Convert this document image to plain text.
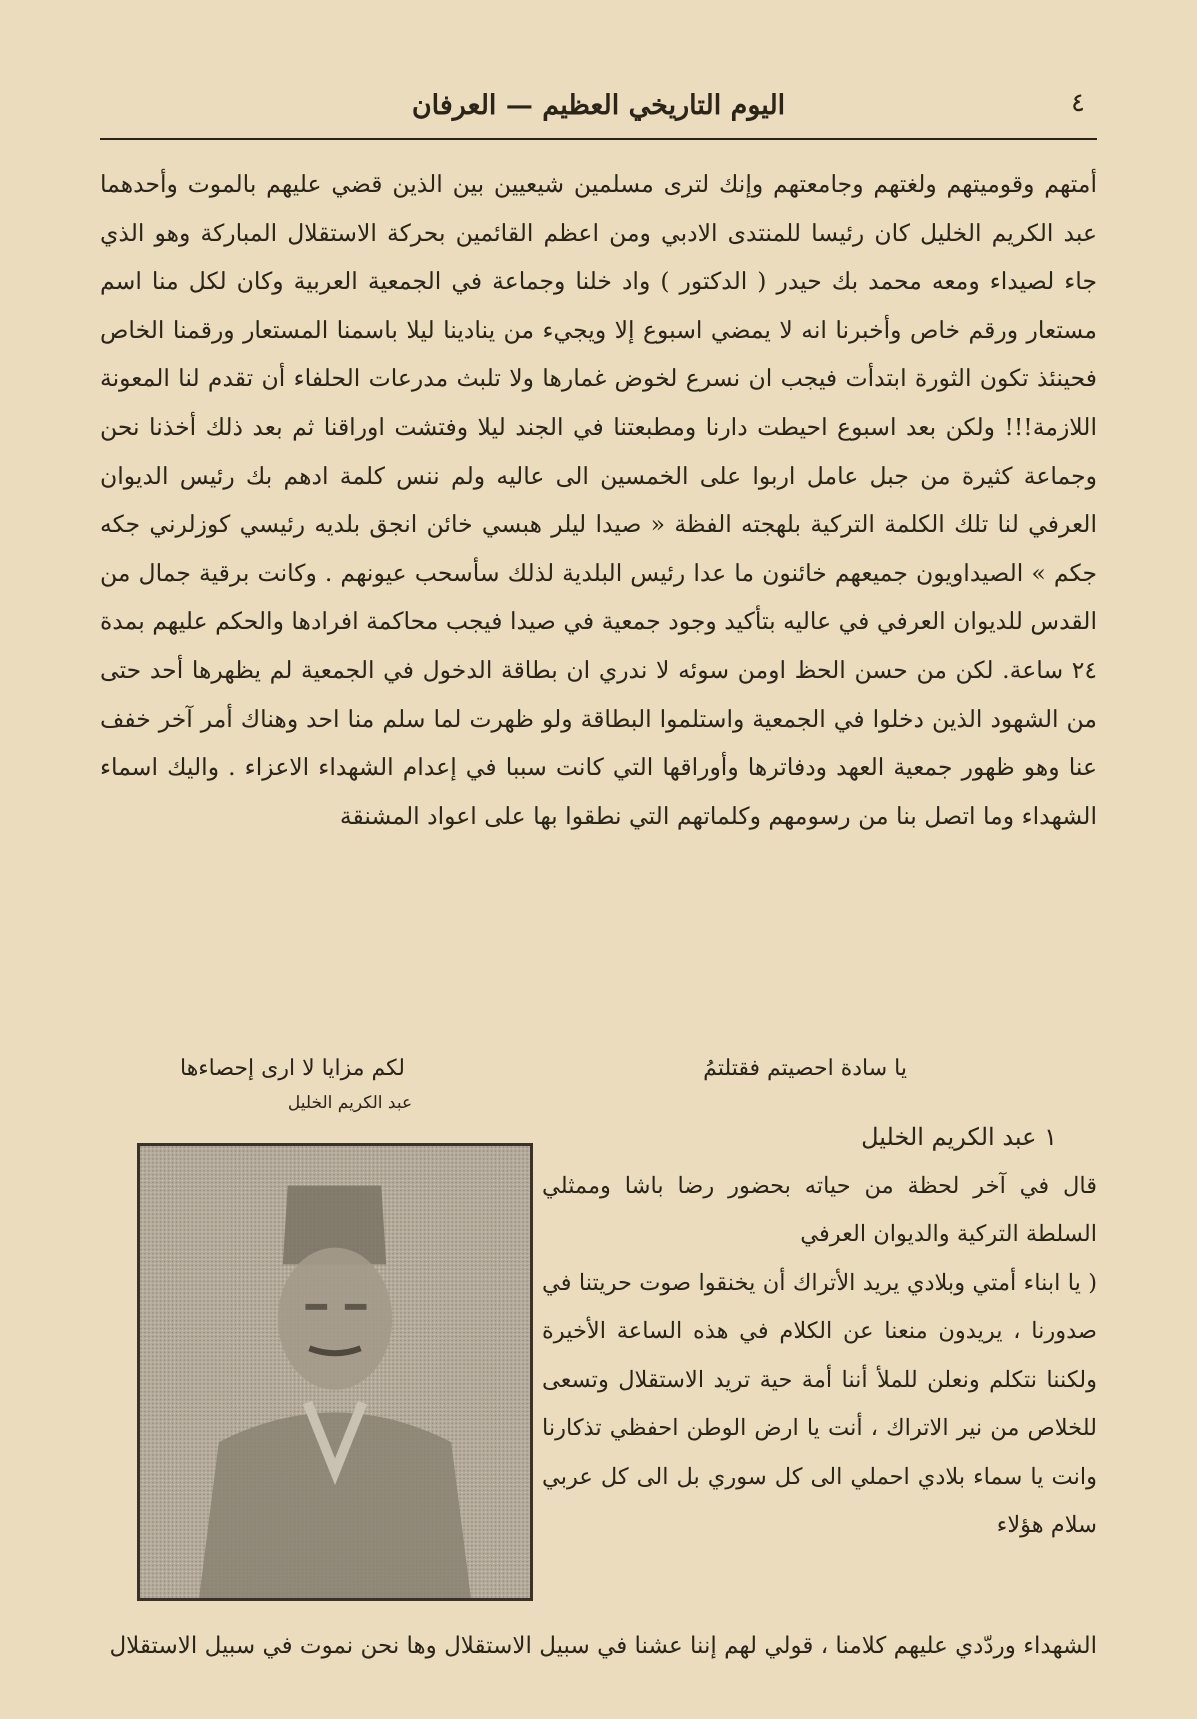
٤
اليوم التاريخي العظيم — العرفان

أمتهم وقوميتهم ولغتهم وجامعتهم وإنك لترى مسلمين شيعيين بين الذين قضي عليهم بالموت وأحدهما عبد الكريم الخليل كان رئيسا للمنتدى الادبي ومن اعظم القائمين بحركة الاستقلال المباركة وهو الذي جاء لصيداء ومعه محمد بك حيدر ( الدكتور ) واد خلنا وجماعة في الجمعية العربية وكان لكل منا اسم مستعار ورقم خاص وأخبرنا انه لا يمضي اسبوع إلا ويجيء من ينادينا ليلا باسمنا المستعار ورقمنا الخاص فحينئذ تكون الثورة ابتدأت فيجب ان نسرع لخوض غمارها ولا تلبث مدرعات الحلفاء أن تقدم لنا المعونة اللازمة!!! ولكن بعد اسبوع احيطت دارنا ومطبعتنا في الجند ليلا وفتشت اوراقنا ثم بعد ذلك أخذنا نحن وجماعة كثيرة من جبل عامل اربوا على الخمسين الى عاليه ولم ننس كلمة ادهم بك رئيس الديوان العرفي لنا تلك الكلمة التركية بلهجته الفظة « صيدا ليلر هبسي خائن انجق بلديه رئيسي كوزلرني جكه جكم » الصيداويون جميعهم خائنون ما عدا رئيس البلدية لذلك سأسحب عيونهم . وكانت برقية جمال من القدس للديوان العرفي في عاليه بتأكيد وجود جمعية في صيدا فيجب محاكمة افرادها والحكم عليهم بمدة ٢٤ ساعة. لكن من حسن الحظ اومن سوئه لا ندري ان بطاقة الدخول في الجمعية لم يظهرها أحد حتى من الشهود الذين دخلوا في الجمعية واستلموا البطاقة ولو ظهرت لما سلم منا احد وهناك أمر آخر خفف عنا وهو ظهور جمعية العهد ودفاترها وأوراقها التي كانت سببا في إعدام الشهداء الاعزاء . واليك اسماء الشهداء وما اتصل بنا من رسومهم وكلماتهم التي نطقوا بها على اعواد المشنقة

يا سادة احصيتم فقتلتمُ
لكم مزايا لا ارى إحصاءها
عبد الكريم الخليل

١ عبد الكريم الخليل

قال في آخر لحظة من حياته بحضور رضا باشا وممثلي السلطة التركية والديوان العرفي

( يا ابناء أمتي وبلادي يريد الأتراك أن يخنقوا صوت حريتنا في صدورنا ، يريدون منعنا عن الكلام في هذه الساعة الأخيرة ولكننا نتكلم ونعلن للملأ أننا أمة حية تريد الاستقلال وتسعى للخلاص من نير الاتراك ، أنت يا ارض الوطن احفظي تذكارنا وانت يا سماء بلادي احملي الى كل سوري بل الى كل عربي سلام هؤلاء

الشهداء وردّدي عليهم كلامنا ، قولي لهم إننا عشنا في سبيل الاستقلال وها نحن نموت في سبيل الاستقلال
